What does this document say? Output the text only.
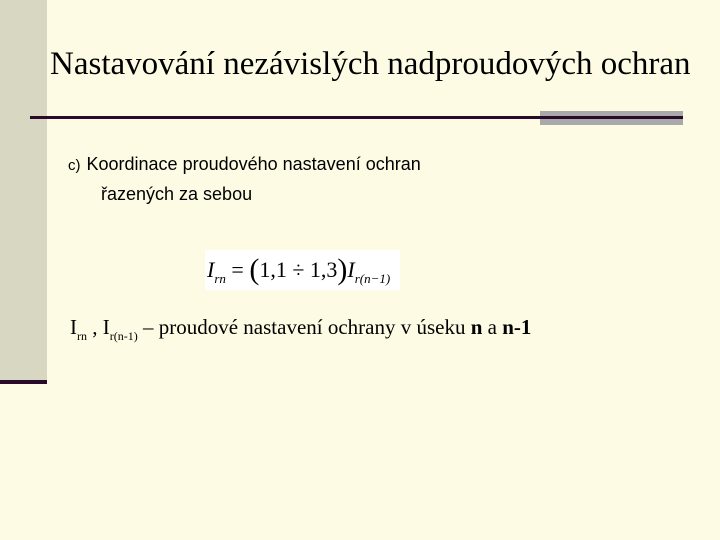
Nastavování nezávislých nadproudových ochran
c) Koordinace proudového nastavení ochran
řazených za sebou
$I_{rn} = (1,1 \div 1,3)I_{r(n-1)}$
$I_{rn}$ , $I_{r(n-1)}$ – proudové nastavení ochrany v úseku n a n-1
